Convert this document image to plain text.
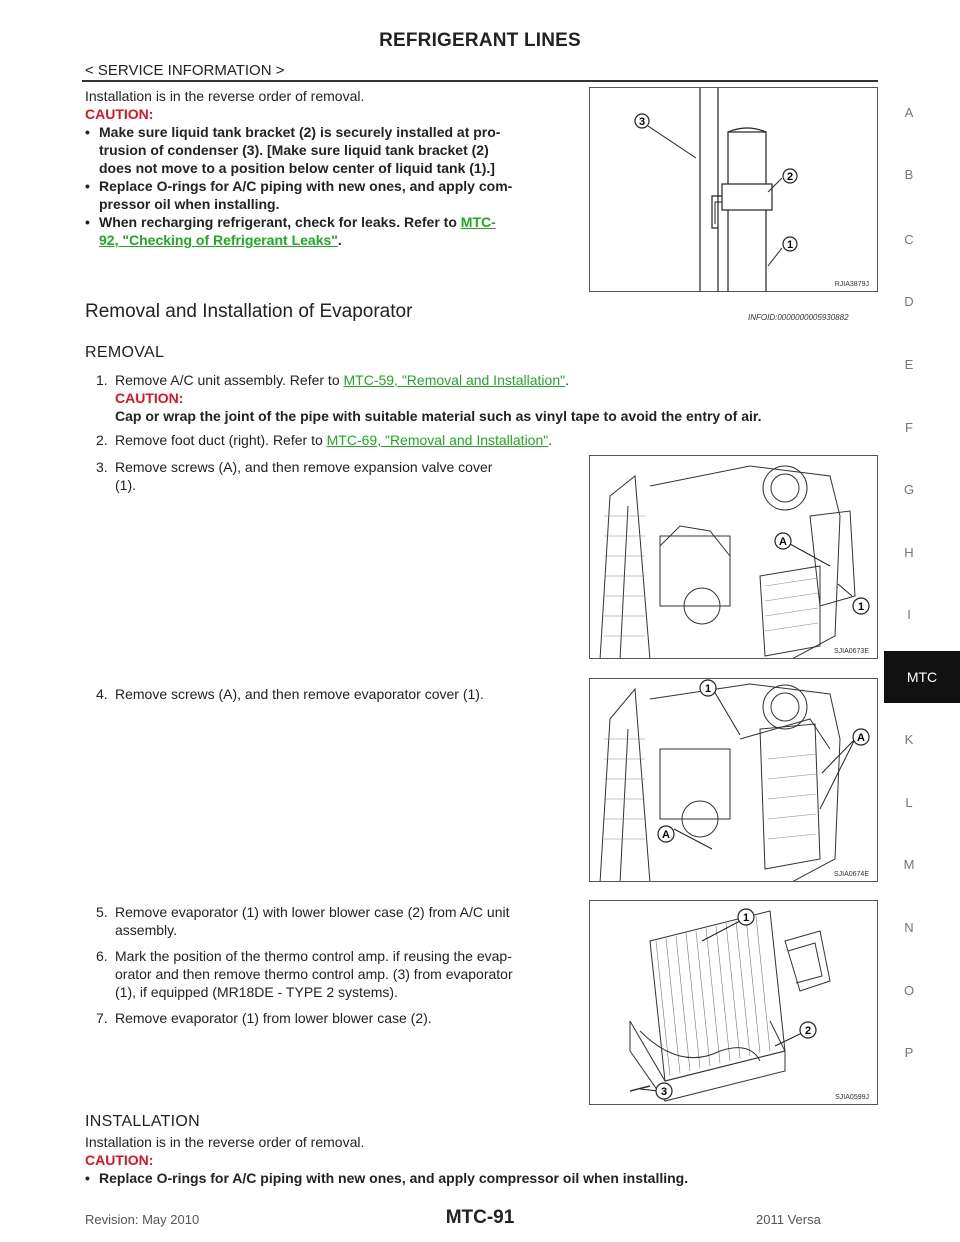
REFRIGERANT LINES
< SERVICE INFORMATION >
Installation is in the reverse order of removal.
CAUTION:
• Make sure liquid tank bracket (2) is securely installed at pro-
trusion of condenser (3). [Make sure liquid tank bracket (2)
does not move to a position below center of liquid tank (1).]
• Replace O-rings for A/C piping with new ones, and apply com-
pressor oil when installing.
• When recharging refrigerant, check for leaks. Refer to MTC-
92, "Checking of Refrigerant Leaks".
3
2
1
RJIA3879J
Removal and Installation of Evaporator	INFOID:0000000005930882
REMOVAL
1. Remove A/C unit assembly. Refer to MTC-59, "Removal and Installation".
CAUTION:
Cap or wrap the joint of the pipe with suitable material such as vinyl tape to avoid the entry of air.
2. Remove foot duct (right). Refer to MTC-69, "Removal and Installation".
3. Remove screws (A), and then remove expansion valve cover
(1).
A
1
SJIA0673E
4. Remove screws (A), and then remove evaporator cover (1).	1
A
A
SJIA0674E
5. Remove evaporator (1) with lower blower case (2) from A/C unit
assembly.
6. Mark the position of the thermo control amp. if reusing the evap-
orator and then remove thermo control amp. (3) from evaporator
(1), if equipped (MR18DE - TYPE 2 systems).
7. Remove evaporator (1) from lower blower case (2).
1
2
3	SJIA0599J
INSTALLATION
Installation is in the reverse order of removal.
CAUTION:
• Replace O-rings for A/C piping with new ones, and apply compressor oil when installing.
A
B
C
D
E
F
G
H
I
MTC
K
L
M
N
O
P
Revision: May 2010	MTC-91	2011 Versa
